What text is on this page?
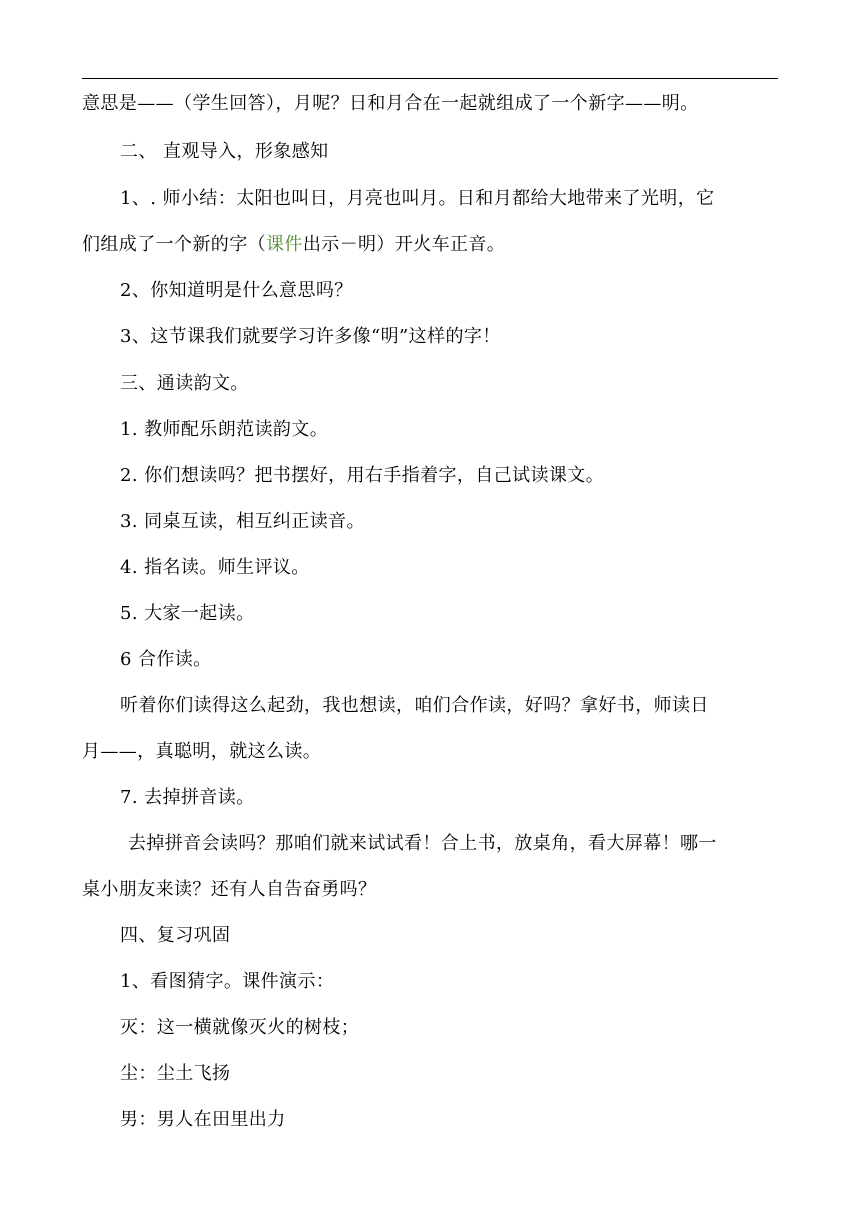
意思是——（学生回答），月呢？日和月合在一起就组成了一个新字——明。
二、 直观导入，形象感知
1、. 师小结：太阳也叫日，月亮也叫月。日和月都给大地带来了光明，它
们组成了一个新的字（课件出示－明）开火车正音。
2、你知道明是什么意思吗？
3、这节课我们就要学习许多像“明”这样的字！
三、通读韵文。
1. 教师配乐朗范读韵文。
2. 你们想读吗？把书摆好，用右手指着字，自己试读课文。
3. 同桌互读，相互纠正读音。
4. 指名读。师生评议。
5. 大家一起读。
6 合作读。
听着你们读得这么起劲，我也想读，咱们合作读，好吗？拿好书，师读日
月——，真聪明，就这么读。
7. 去掉拼音读。
去掉拼音会读吗？那咱们就来试试看！合上书，放桌角，看大屏幕！哪一
桌小朋友来读？还有人自告奋勇吗？
四、复习巩固
1、看图猜字。课件演示：
灭：这一横就像灭火的树枝；
尘：尘土飞扬
男：男人在田里出力
